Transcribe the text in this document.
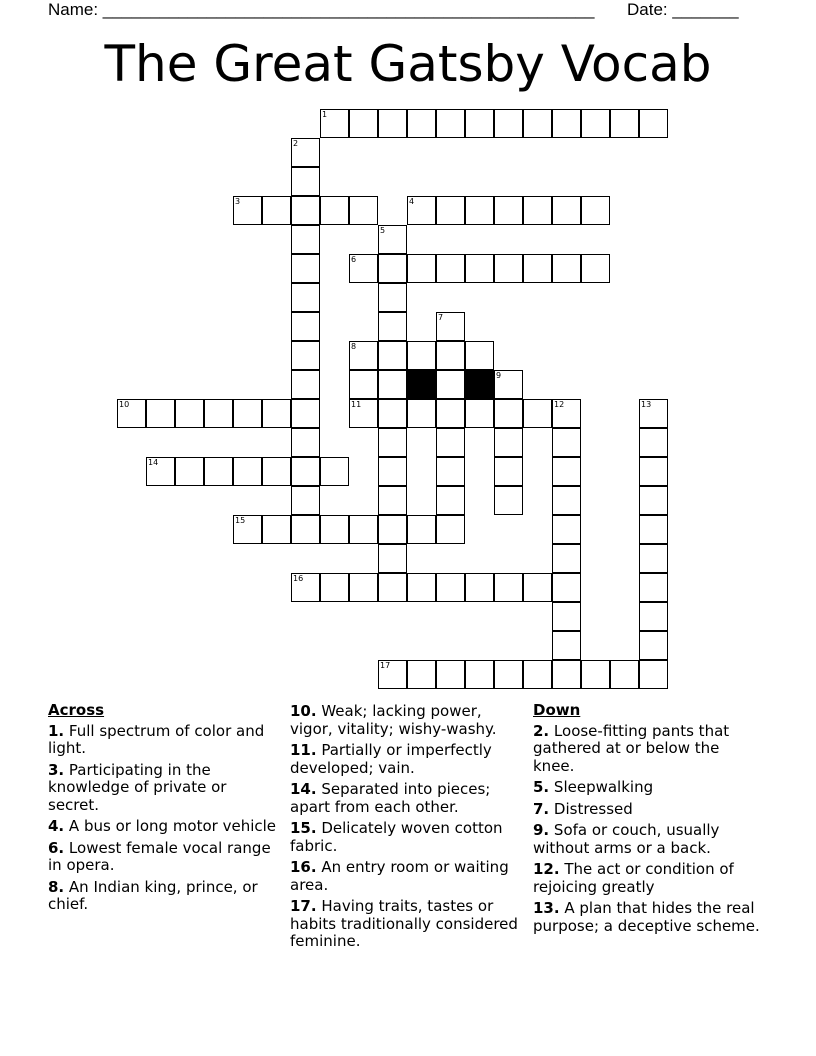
Name: ____________________________________________________ Date: _______
The Great Gatsby Vocab
1
2
3	4
5
6
7
8
9
10	11	12	13
14
15
16
17
Across
1. Full spectrum of color and light.
3. Participating in the knowledge of private or secret.
4. A bus or long motor vehicle
6. Lowest female vocal range in opera.
8. An Indian king, prince, or chief.
10. Weak; lacking power, vigor, vitality; wishy-washy.
11. Partially or imperfectly developed; vain.
14. Separated into pieces; apart from each other.
15. Delicately woven cotton fabric.
16. An entry room or waiting area.
17. Having traits, tastes or habits traditionally considered feminine.
Down
2. Loose-fitting pants that gathered at or below the knee.
5. Sleepwalking
7. Distressed
9. Sofa or couch, usually without arms or a back.
12. The act or condition of rejoicing greatly
13. A plan that hides the real purpose; a deceptive scheme.
